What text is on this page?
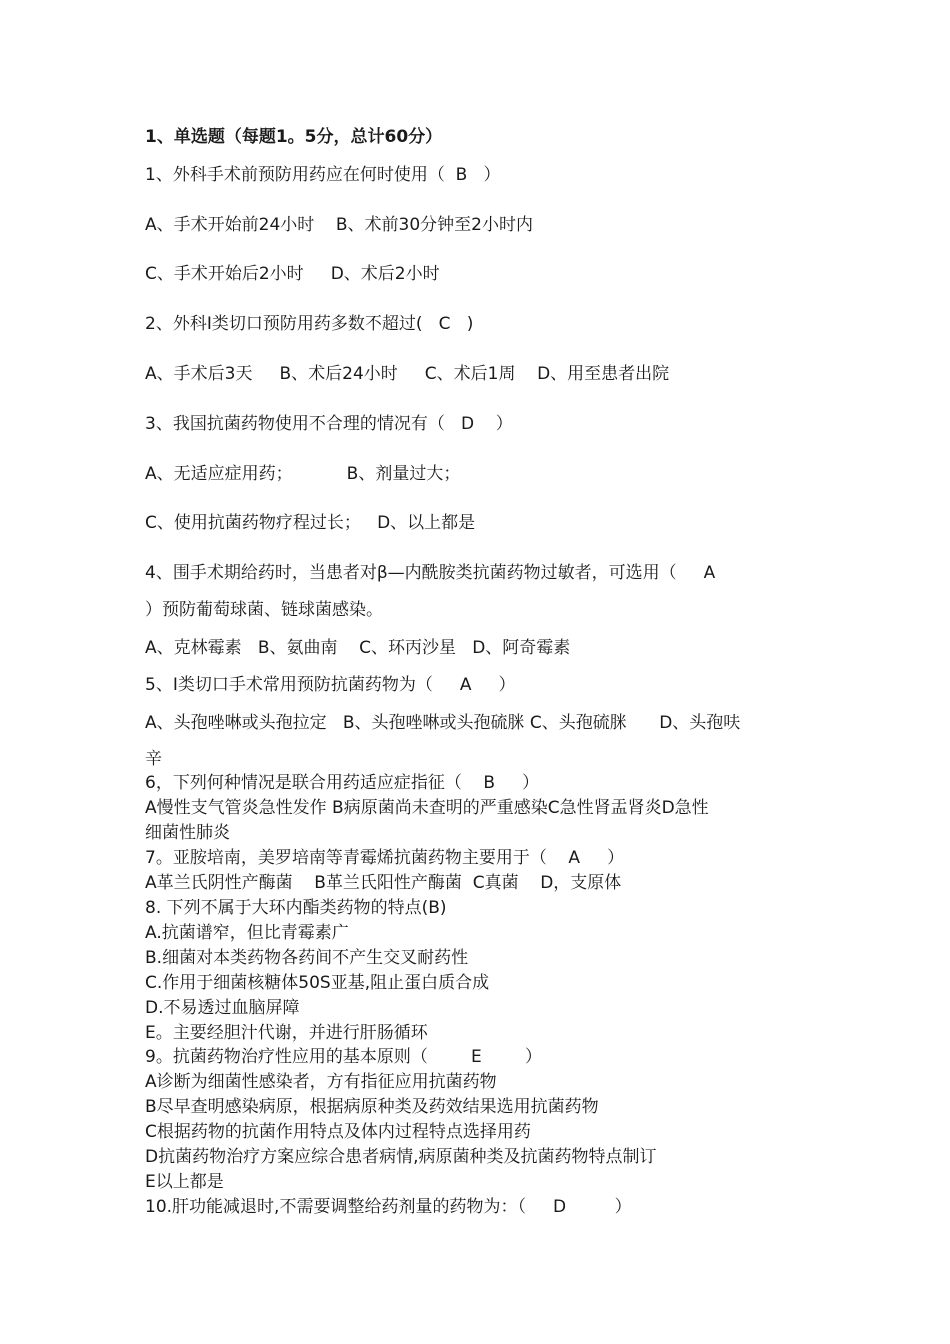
1、单选题（每题1。5分，总计60分）

1、外科手术前预防用药应在何时使用（  B   ）

A、手术开始前24小时    B、术前30分钟至2小时内

C、手术开始后2小时     D、术后2小时

2、外科I类切口预防用药多数不超过(   C   )

A、手术后3天     B、术后24小时     C、术后1周    D、用至患者出院

3、我国抗菌药物使用不合理的情况有（   D    ）

A、无适应症用药；          B、剂量过大；

C、使用抗菌药物疗程过长；   D、以上都是

4、围手术期给药时，当患者对β—内酰胺类抗菌药物过敏者，可选用（     A

）预防葡萄球菌、链球菌感染。

A、克林霉素   B、氨曲南    C、环丙沙星   D、阿奇霉素

5、I类切口手术常用预防抗菌药物为（     A     ）

A、头孢唑啉或头孢拉定   B、头孢唑啉或头孢硫脒 C、头孢硫脒      D、头孢呋

辛

6，下列何种情况是联合用药适应症指征（    B     ）

A慢性支气管炎急性发作 B病原菌尚未查明的严重感染C急性肾盂肾炎D急性

细菌性肺炎

7。亚胺培南，美罗培南等青霉烯抗菌药物主要用于（    A     ）

A革兰氏阴性产酶菌    B革兰氏阳性产酶菌  C真菌    D，支原体

8. 下列不属于大环内酯类药物的特点(B)

A.抗菌谱窄，但比青霉素广

B.细菌对本类药物各药间不产生交叉耐药性

C.作用于细菌核糖体50S亚基,阻止蛋白质合成

D.不易透过血脑屏障

E。主要经胆汁代谢，并进行肝肠循环

9。抗菌药物治疗性应用的基本原则（        E        ）

A诊断为细菌性感染者，方有指征应用抗菌药物

B尽早查明感染病原，根据病原种类及药效结果选用抗菌药物

C根据药物的抗菌作用特点及体内过程特点选择用药

D抗菌药物治疗方案应综合患者病情,病原菌种类及抗菌药物特点制订

E以上都是

10.肝功能减退时,不需要调整给药剂量的药物为：（     D         ）
